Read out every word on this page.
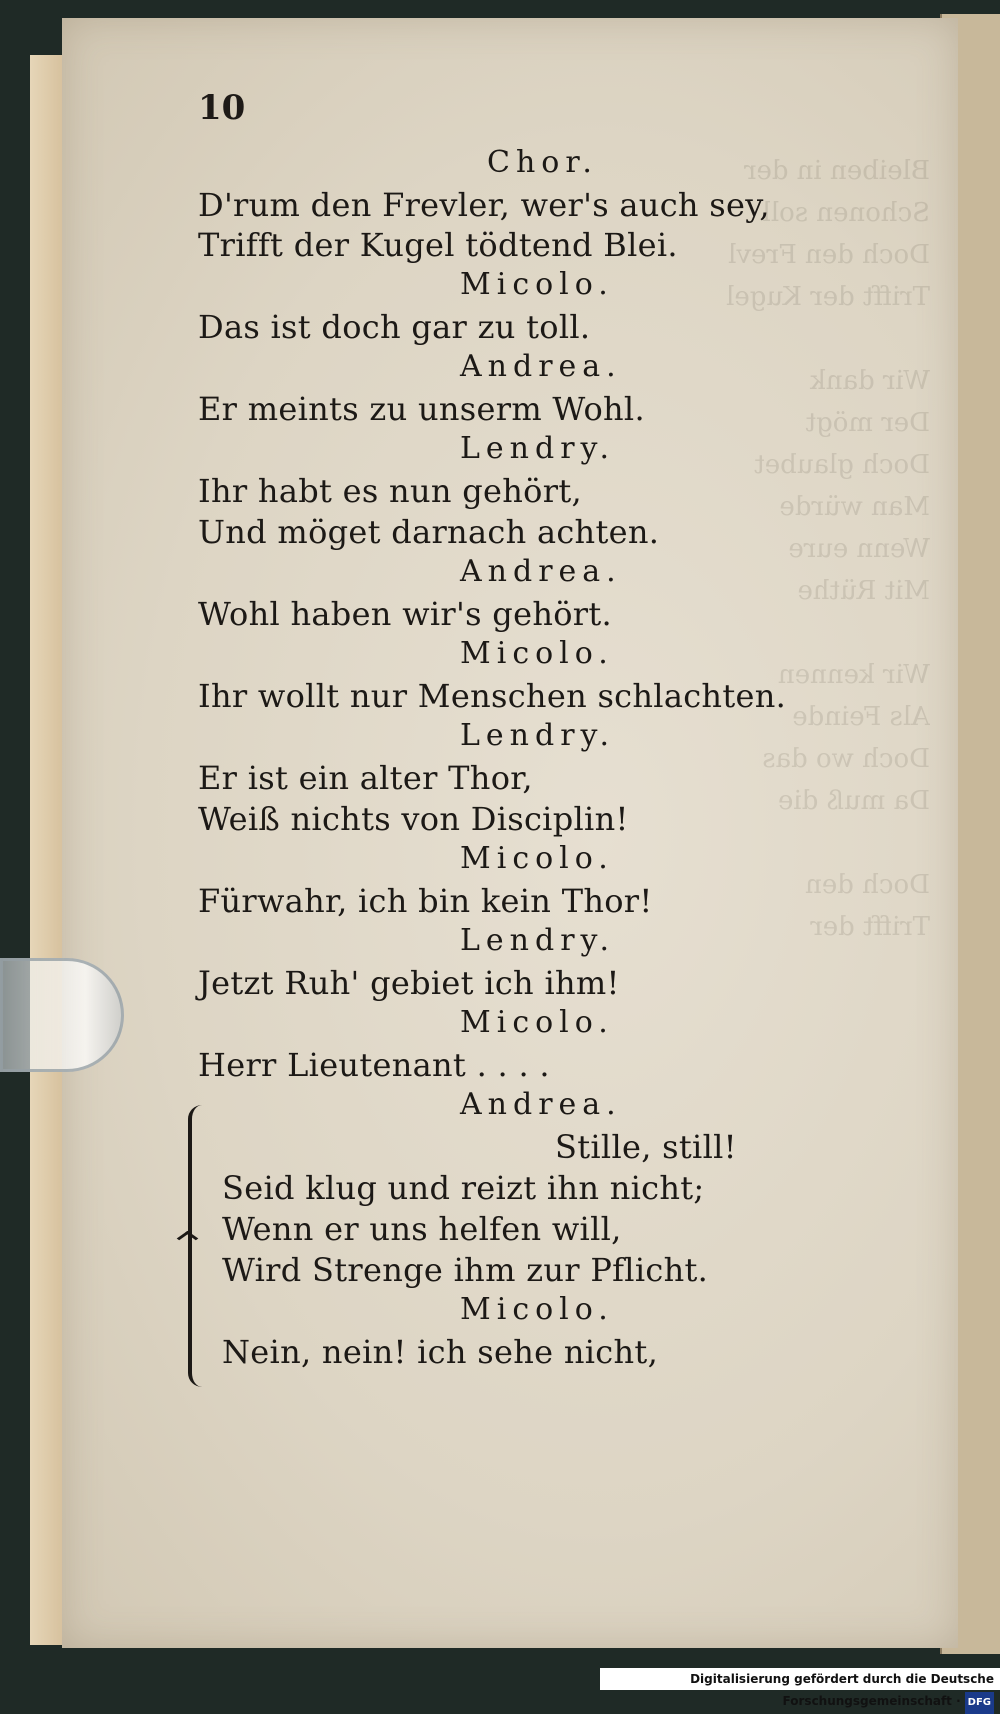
Bleiben in der
Schonen soll
Doch den Frevl
Trifft der Kugel

Wir dank
Der mögt
Doch glaubet
Man würde
Wenn eure
Mit Rüthe

Wir kennen
Als Feinde
Doch wo das
Da muß die

Doch den
Trifft der
10
Chor.
D'rum den Frevler, wer's auch sey,
Trifft der Kugel tödtend Blei.
Micolo.
Das ist doch gar zu toll.
Andrea.
Er meints zu unserm Wohl.
Lendry.
Ihr habt es nun gehört,
Und möget darnach achten.
Andrea.
Wohl haben wir's gehört.
Micolo.
Ihr wollt nur Menschen schlachten.
Lendry.
Er ist ein alter Thor,
Weiß nichts von Disciplin!
Micolo.
Fürwahr, ich bin kein Thor!
Lendry.
Jetzt Ruh' gebiet ich ihm!
Micolo.
Herr Lieutenant . . . .
Andrea.
Stille, still!
Seid klug und reizt ihn nicht;
Wenn er uns helfen will,
Wird Strenge ihm zur Pflicht.
Micolo.
Nein, nein! ich sehe nicht,
Digitalisierung gefördert durch die Deutsche Forschungsgemeinschaft · DFG
